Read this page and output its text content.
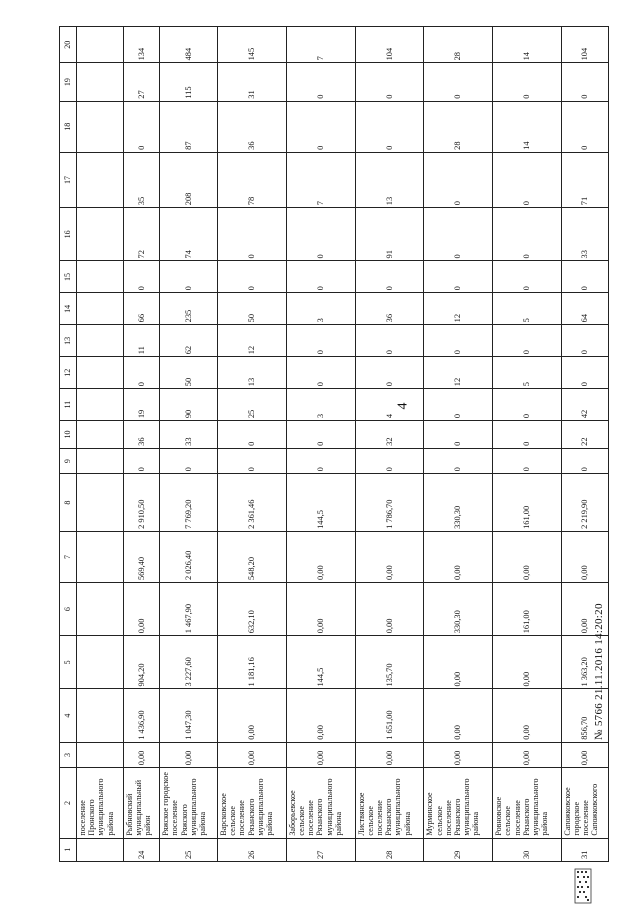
4
1	2	3	4	5	6	7	8	9	10	11	12	13	14	15	16	17	18	19	20
	поселение Пронского муниципального района																		
24	Рыбновский муниципальный район	0,00	1 436,90	904,20	0,00	569,40	2 910,50	0	36	19	0	11	66	0	72	35	0	27	134
25	Ряжское городское поселение Ряжского муниципального района	0,00	1 047,30	3 227,60	1 467,90	2 026,40	7 769,20	0	33	90	50	62	235	0	74	208	87	115	484
26	Варсковское сельское поселение Рязанского муниципального района	0,00	0,00	1 181,16	632,10	548,20	2 361,46	0	0	25	13	12	50	0	0	78	36	31	145
27	Заборьевское сельское поселение Рязанского муниципального района	0,00	0,00	144,5	0,00	0,00	144,5	0	0	3	0	0	3	0	0	7	0	0	7
28	Листвянское сельское поселение Рязанского муниципального района	0,00	1 651,00	135,70	0,00	0,00	1 786,70	0	32	4	0	0	36	0	91	13	0	0	104
29	Мурминское сельское поселение Рязанского муниципального района	0,00	0,00	0,00	330,30	0,00	330,30	0	0	0	12	0	12	0	0	0	28	0	28
30	Ровновское сельское поселение Рязанского муниципального района	0,00	0,00	0,00	161,00	0,00	161,00	0	0	0	5	0	5	0	0	0	14	0	14
31	Сапожковское городское поселение Сапожковского	0,00	856,70	1 363,20	0,00	0,00	2 219,90	0	22	42	0	0	64	0	33	71	0	0	104
№ 5766 21.11.2016 14:20:20
